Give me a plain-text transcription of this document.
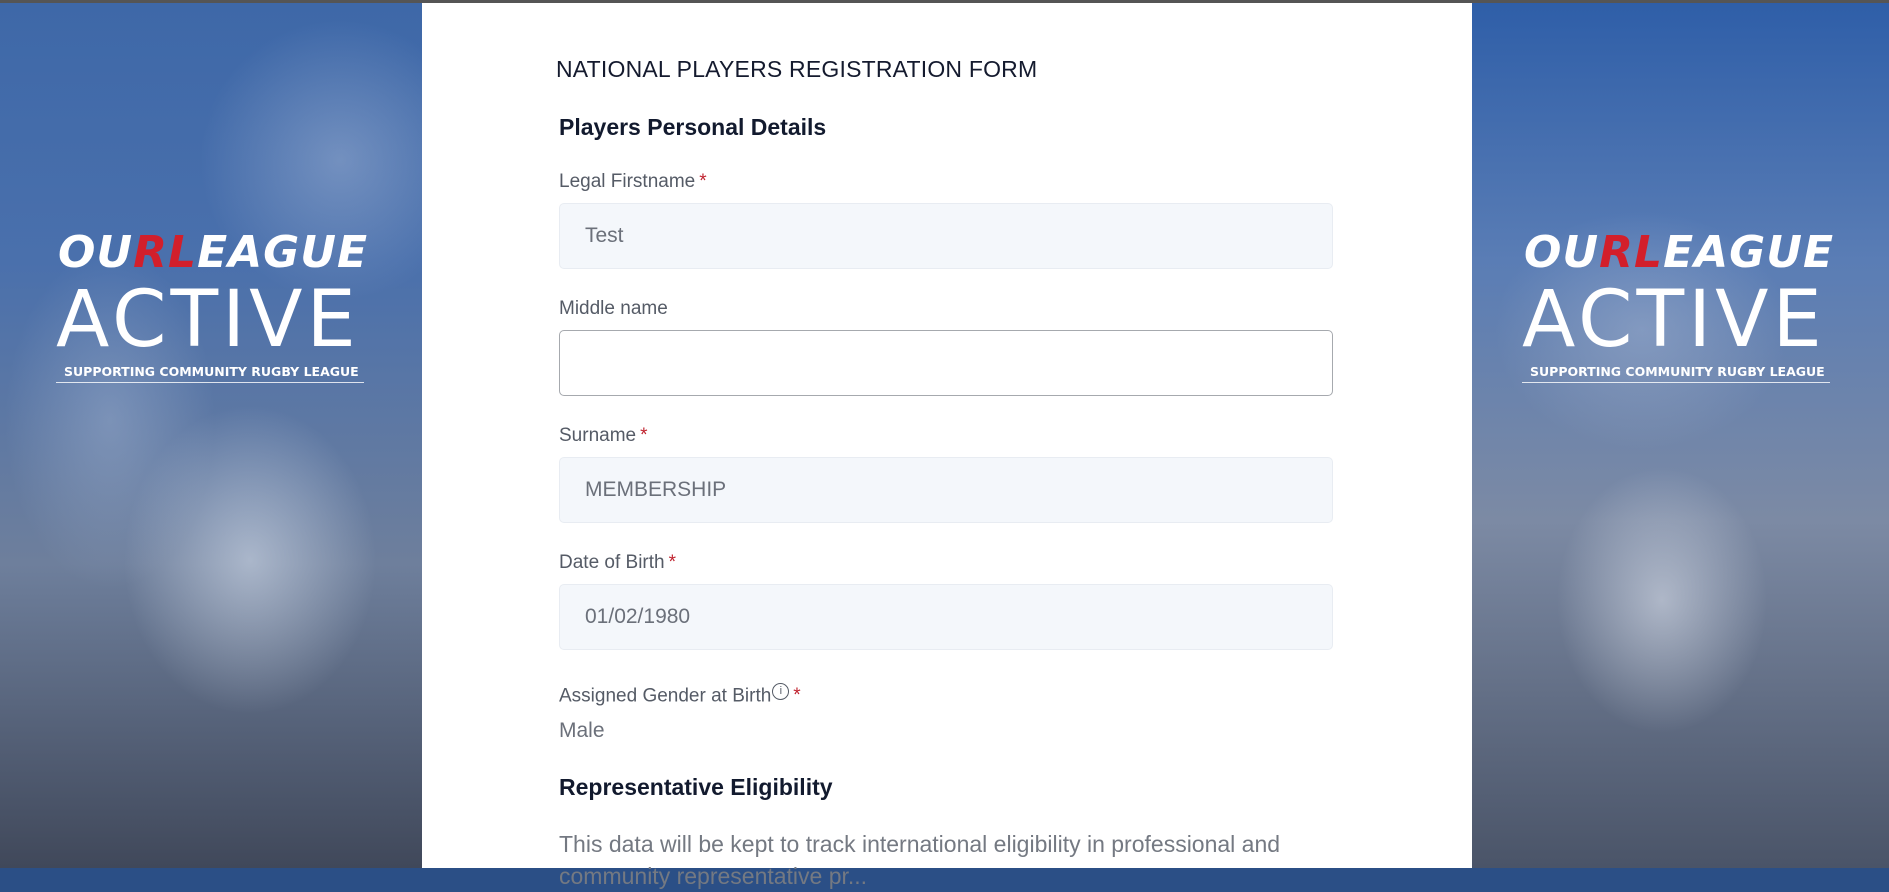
OURLEAGUE
ACTIVE
SUPPORTING COMMUNITY RUGBY LEAGUE
OURLEAGUE
ACTIVE
SUPPORTING COMMUNITY RUGBY LEAGUE
NATIONAL PLAYERS REGISTRATION FORM
Players Personal Details
Legal Firstname *
Test
Middle name
Surname *
MEMBERSHIP
Date of Birth *
01/02/1980
Assigned Gender at Birth i *
Male
Representative Eligibility
This data will be kept to track international eligibility in professional and community representative pr...
